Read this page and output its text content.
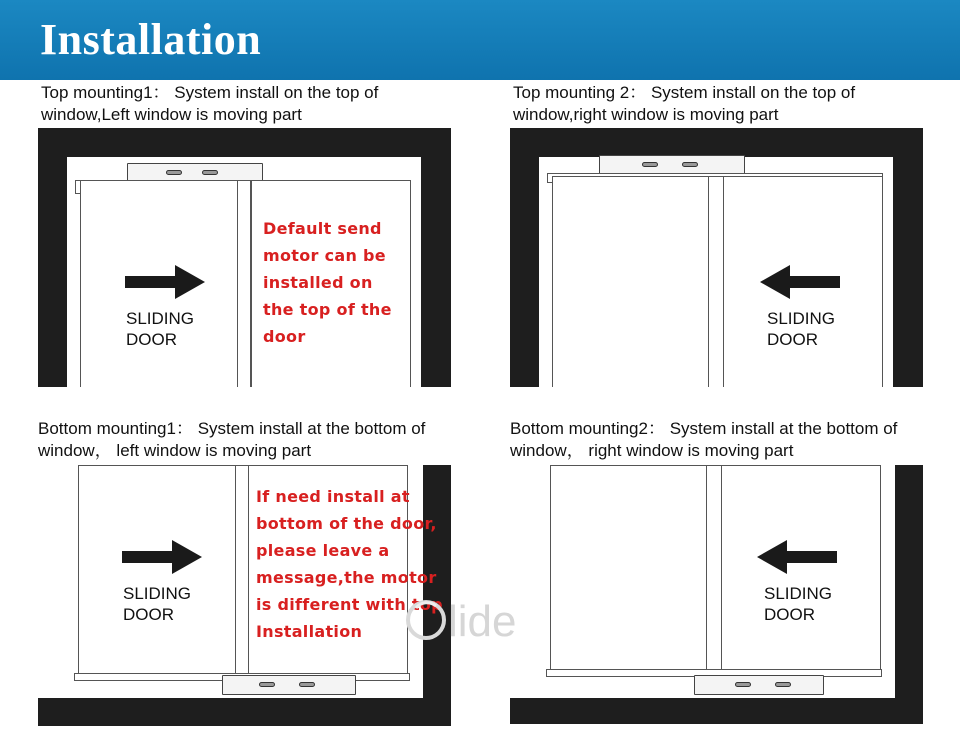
Installation
Top mounting1： System install on the top of
window,Left window is moving part
SLIDING
DOOR
Default send
motor can be
installed on
the top of the
door
Top mounting 2： System install on the top of
window,right window is moving part
SLIDING
DOOR
Bottom mounting1： System install at the bottom of
window， left window is moving part
SLIDING
DOOR
If need install at
bottom of the door,
please leave a
message,the motor
is different with top
Installation
Bottom mounting2： System install at the bottom of
window， right window is moving part
SLIDING
DOOR
lide
